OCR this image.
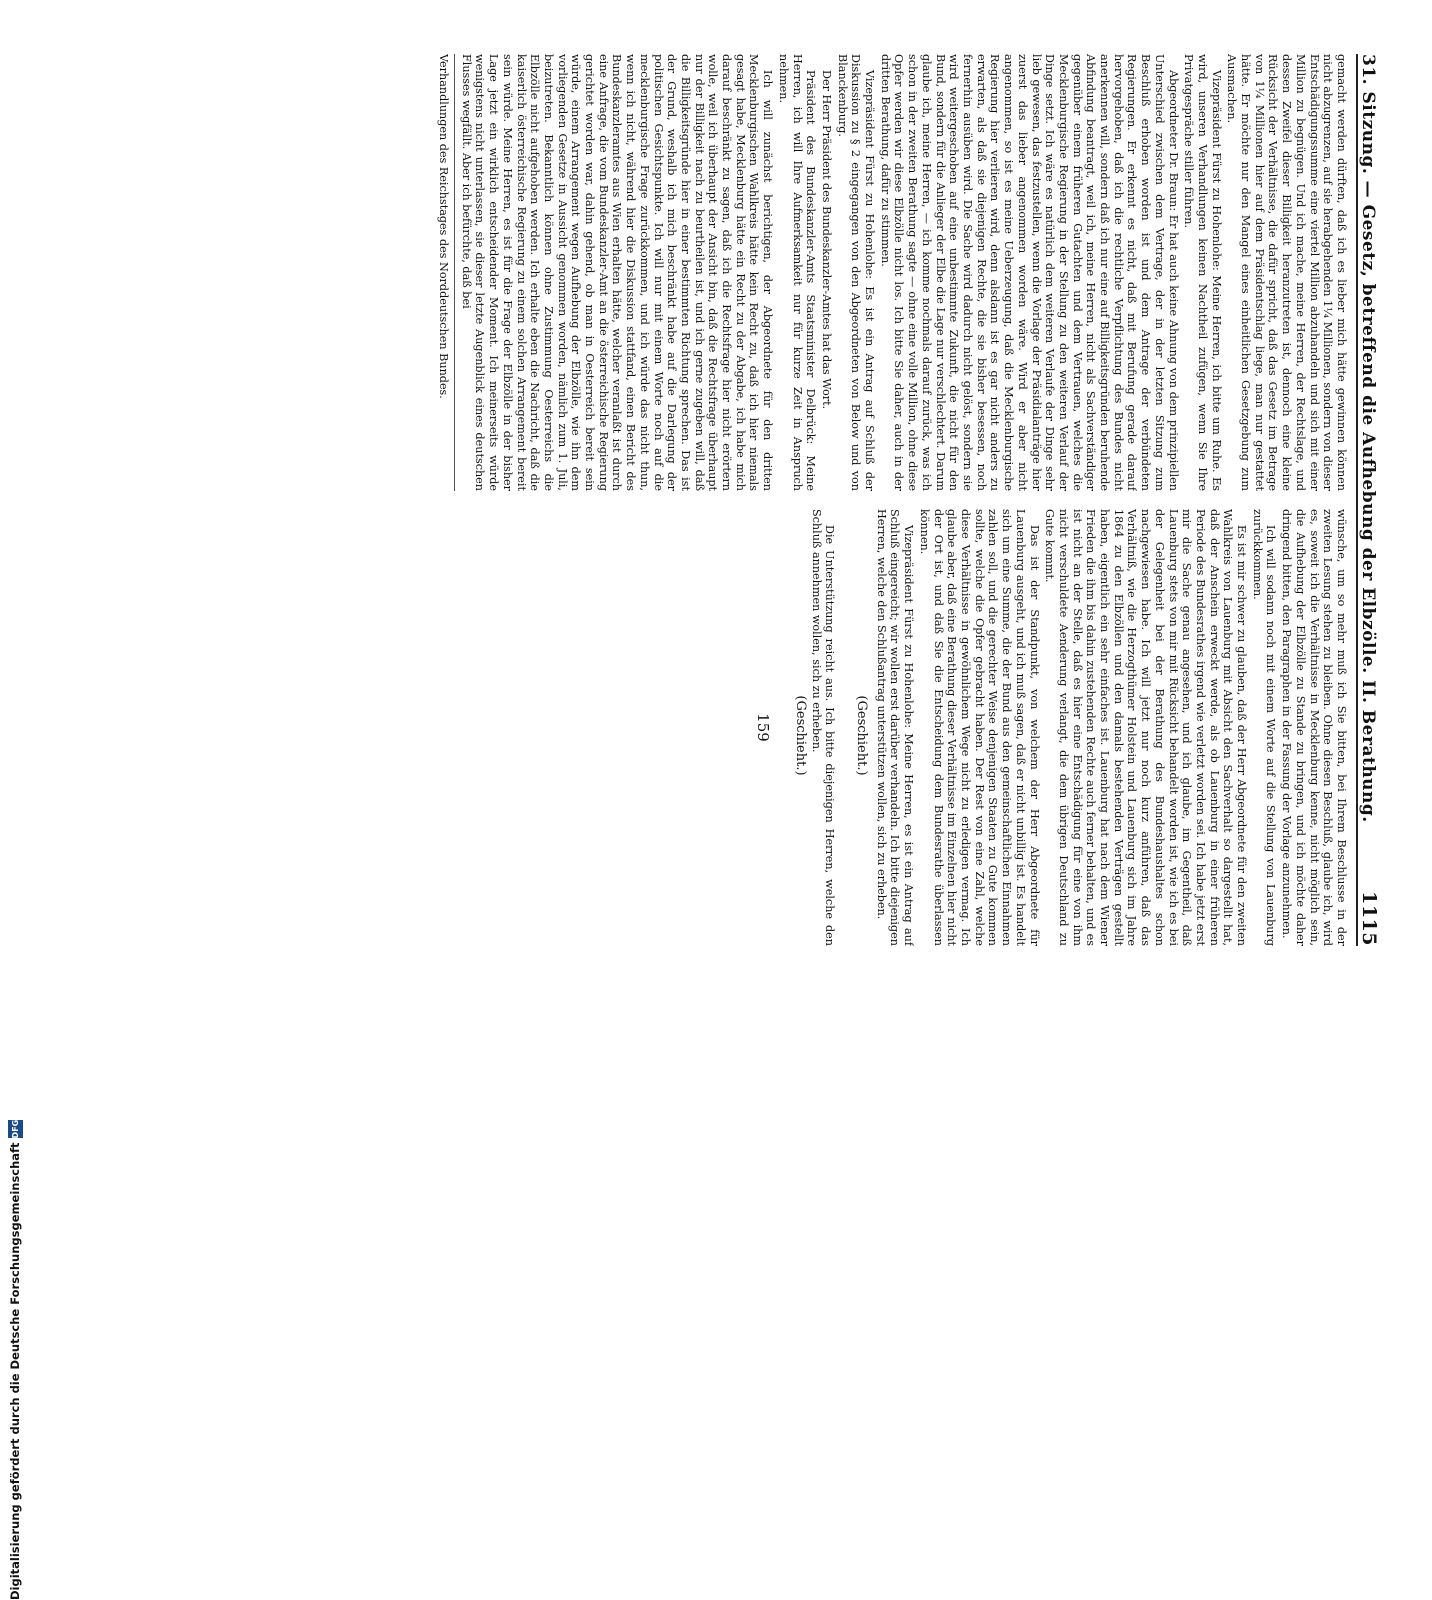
31. Sitzung. — Gesetz, betreffend die Aufhebung der Elbzölle. II. Berathung.
1115

gemacht werden dürften, daß ich es lieber mich hätte gewinnen können nicht abzugrenzen, auf sie herabgehenden 1¼ Millionen, sondern von dieser Entschädigungssumme eine viertel Million abzuhandeln und sich mit einer Million zu begnügen. Und ich mache, meine Herren, der Rechtslage, und dessen Zweifel dieser Billigkeit heranzutreten ist, dennoch eine kleine Rücksicht der Verhältnisse, die dafür spricht, daß das Gesetz im Betrage von 1¼ Millionen hier auf dem Präsidentschlag liege, man nur gestattet hätte. Er möchte nur den Mangel eines einheitlichen Gesetzgebung zum Ausmachen.

Vizepräsident Fürst zu Hohenlohe: Meine Herren, ich bitte um Ruhe. Es wird, unseren Verhandlungen keinen Nachtheil zufügen, wenn Sie Ihre Privatgespräche stiller führen.

Abgeordneter Dr. Braun: Er hat auch keine Ahnung von dem prinzipiellen Unterschied zwischen dem Vertrage, der in der letzten Sitzung zum Beschluß erhoben worden ist und dem Antrage der verbündeten Regierungen. Er erkennt es nicht, daß mit Berufung gerade darauf hervorgehoben, daß ich die rechtliche Verpflichtung des Bundes nicht anerkennen will, sondern daß ich nur eine auf Billigkeitsgründen beruhende Abfindung beantragt, weil ich, meine Herren, nicht als Sachverständiger gegenüber einem früheren Gutachten und dem Vertrauen, welches die Mecklenburgische Regierung in der Stellung zu den weiteren Verlauf der Dinge setzt. Ich wäre es natürlich dem weiteren Verlaufe der Dinge sehr lieb gewesen, das festzustellen, wenn die Vorlage der Präsidialanträge hier zuerst das lieber angenommen worden wäre. Wird er aber nicht angenommen, so ist es meine Ueberzeugung, daß die Mecklenburgische Regierung hier verlieren wird, denn alsdann ist es gar nicht anders zu erwarten, als daß sie diejenigen Rechte, die sie bisher besessen, noch fernerhin ausüben wird. Die Sache wird dadurch nicht gelöst, sondern sie wird weitergeschoben auf eine unbestimmte Zukunft, die nicht für den Bund, sondern für die Anlieger der Elbe die Lage nur verschlechtert. Darum glaube ich, meine Herren, — ich komme nochmals darauf zurück, was ich schon in der zweiten Berathung sagte — ohne eine volle Million, ohne diese Opfer werden wir diese Elbzölle nicht los. Ich bitte Sie daher, auch in der dritten Berathung, dafür zu stimmen.

Vizepräsident Fürst zu Hohenlohe: Es ist ein Antrag auf Schluß der Diskussion zu § 2 eingegangen von den Abgeordneten von Below und von Blanckenburg.

Der Herr Präsident des Bundeskanzler-Amtes hat das Wort.

Präsident des Bundeskanzler-Amts Staatsminister Delbrück: Meine Herren, ich will Ihre Aufmerksamkeit nur für kurze Zeit in Anspruch nehmen.

Ich will zunächst berichtigen, der Abgeordnete für den dritten Mecklenburgischen Wahlkreis hätte kein Recht zu, daß ich hier niemals gesagt habe, Mecklenburg hätte ein Recht zu der Abgabe, ich habe mich darauf beschränkt zu sagen, daß ich die Rechtsfrage hier nicht erörtern wolle, weil ich überhaupt der Ansicht bin, daß die Rechtsfrage überhaupt nur der Billigkeit nach zu beurtheilen ist, und ich gerne zugeben will, daß die Billigkeitsgründe hier in einer bestimmten Richtung sprechen. Das ist der Grund, weshalb ich mich beschränkt habe auf die Darlegung der politischen Gesichtspunkte. Ich will nur mit einem Worte noch auf die mecklenburgische Frage zurückkommen, und ich würde das nicht thun, wenn ich nicht, während hier die Diskussion stattfand, einen Bericht des Bundeskanzleramtes aus Wien erhalten hätte, welcher veranlaßt ist durch eine Anfrage, die vom Bundeskanzler-Amt an die österreichische Regierung gerichtet worden war, dahin gehend, ob man in Oesterreich bereit sein würde, einem Arrangement wegen Aufhebung der Elbzölle, wie ihn dem vorliegenden Gesetze in Aussicht genommen worden, nämlich zum 1. Juli, beizutreten. Bekanntlich können ohne Zustimmung Oesterreichs die Elbzölle nicht aufgehoben werden. Ich erhalte eben die Nachricht, daß die kaiserlich österreichische Regierung zu einem solchen Arrangement bereit sein würde. Meine Herren, es ist für die Frage der Elbzölle in der bisher Lage jetzt ein wirklich entscheidender Moment. Ich meinerseits würde wenigstens nicht unterlassen, sie dieser letzte Augenblick eines deutschen Flusses wegfällt. Aber ich befürchte, daß bei

Verhandlungen des Reichstages des Norddeutschen Bundes.

wünsche, um so mehr muß ich Sie bitten, bei Ihrem Beschlusse in der zweiten Lesung stehen zu bleiben. Ohne diesen Beschluß, glaube ich, wird es, soweit ich die Verhältnisse in Mecklenburg kenne, nicht möglich sein, die Aufhebung der Elbzölle zu Stande zu bringen, und ich möchte daher dringend bitten, den Paragraphen in der Fassung der Vorlage anzunehmen.

Ich will sodann noch mit einem Worte auf die Stellung von Lauenburg zurückkommen.

Es ist mir schwer zu glauben, daß der Herr Abgeordnete für den zweiten Wahlkreis von Lauenburg mit Absicht den Sachverhalt so dargestellt hat, daß der Anschein erweckt werde, als ob Lauenburg in einer früheren Periode des Bundesrathes irgend wie verletzt worden sei. Ich habe jetzt erst mir die Sache genau angesehen, und ich glaube, im Gegentheil, daß Lauenburg stets von mir mit Rücksicht behandelt worden ist, wie ich es bei der Gelegenheit bei der Berathung des Bundeshaushaltes schon nachgewiesen habe. Ich will jetzt nur noch kurz anführen, daß das Verhältniß, wie die Herzogthümer Holstein und Lauenburg sich im Jahre 1864 zu den Elbzöllen und den damals bestehenden Verträgen gestellt haben, eigentlich ein sehr einfaches ist. Lauenburg hat nach dem Wiener Frieden die ihm bis dahin zustehenden Rechte auch ferner behalten, und es ist nicht an der Stelle, daß es hier eine Entschädigung für eine von ihm nicht verschuldete Aenderung verlangt, die dem übrigen Deutschland zu Gute kommt.

Das ist der Standpunkt, von welchem der Herr Abgeordnete für Lauenburg ausgeht, und ich muß sagen, daß er nicht unbillig ist. Es handelt sich um eine Summe, die der Bund aus den gemeinschaftlichen Einnahmen zahlen soll, und die gerechter Weise denjenigen Staaten zu Gute kommen sollte, welche die Opfer gebracht haben. Der Rest von eine Zahl, welche diese Verhältnisse in gewöhnlichem Wege nicht zu erledigen vermag. Ich glaube aber, daß eine Berathung dieser Verhältnisse im Einzelnen hier nicht der Ort ist, und daß Sie die Entscheidung dem Bundesrathe überlassen können.

Vizepräsident Fürst zu Hohenlohe: Meine Herren, es ist ein Antrag auf Schluß eingereicht; wir wollen erst darüber verhandeln. Ich bitte diejenigen Herren, welche den Schlußantrag unterstützen wollen, sich zu erheben.

(Geschieht.)

Die Unterstützung reicht aus. Ich bitte diejenigen Herren, welche den Schluß annehmen wollen, sich zu erheben.

(Geschieht.)

159
Digitalisierung gefördert durch die Deutsche Forschungsgemeinschaft
DFG
